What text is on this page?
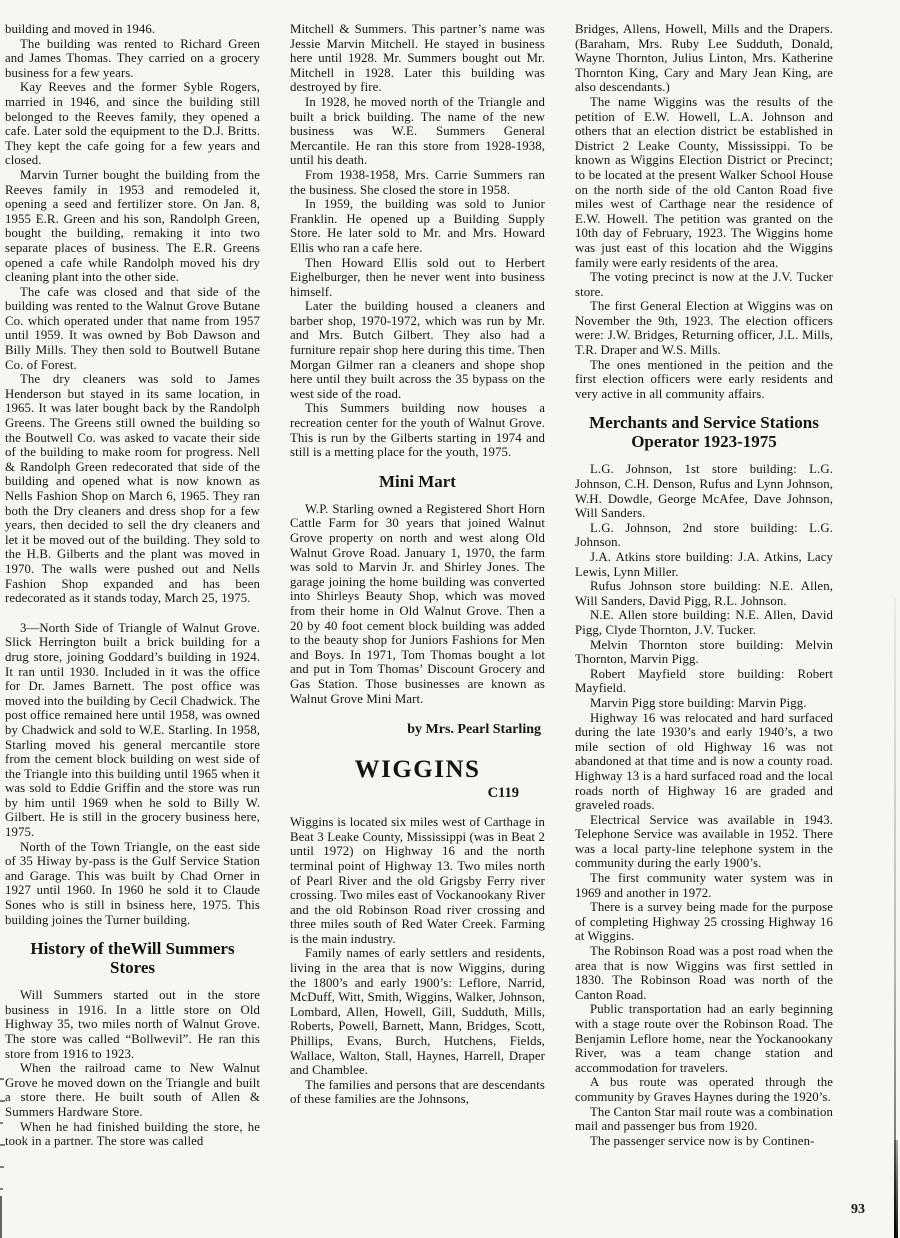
building and moved in 1946.

The building was rented to Richard Green and James Thomas. They carried on a grocery business for a few years.

Kay Reeves and the former Syble Rogers, married in 1946, and since the building still belonged to the Reeves family, they opened a cafe. Later sold the equipment to the D.J. Britts. They kept the cafe going for a few years and closed.

Marvin Turner bought the building from the Reeves family in 1953 and remodeled it, opening a seed and fertilizer store. On Jan. 8, 1955 E.R. Green and his son, Randolph Green, bought the building, remaking it into two separate places of business. The E.R. Greens opened a cafe while Randolph moved his dry cleaning plant into the other side.

The cafe was closed and that side of the building was rented to the Walnut Grove Butane Co. which operated under that name from 1957 until 1959. It was owned by Bob Dawson and Billy Mills. They then sold to Boutwell Butane Co. of Forest.

The dry cleaners was sold to James Henderson but stayed in its same location, in 1965. It was later bought back by the Randolph Greens. The Greens still owned the building so the Boutwell Co. was asked to vacate their side of the building to make room for progress. Nell & Randolph Green redecorated that side of the building and opened what is now known as Nells Fashion Shop on March 6, 1965. They ran both the Dry cleaners and dress shop for a few years, then decided to sell the dry cleaners and let it be moved out of the building. They sold to the H.B. Gilberts and the plant was moved in 1970. The walls were pushed out and Nells Fashion Shop expanded and has been redecorated as it stands today, March 25, 1975.

3—North Side of Triangle of Walnut Grove. Slick Herrington built a brick building for a drug store, joining Goddard’s building in 1924. It ran until 1930. Included in it was the office for Dr. James Barnett. The post office was moved into the building by Cecil Chadwick. The post office remained here until 1958, was owned by Chadwick and sold to W.E. Starling. In 1958, Starling moved his general mercantile store from the cement block building on west side of the Triangle into this building until 1965 when it was sold to Eddie Griffin and the store was run by him until 1969 when he sold to Billy W. Gilbert. He is still in the grocery business here, 1975.

North of the Town Triangle, on the east side of 35 Hiway by-pass is the Gulf Service Station and Garage. This was built by Chad Orner in 1927 until 1960. In 1960 he sold it to Claude Sones who is still in bsiness here, 1975. This building joines the Turner building.

History of theWill Summers
Stores

Will Summers started out in the store business in 1916. In a little store on Old Highway 35, two miles north of Walnut Grove. The store was called “Bollwevil”. He ran this store from 1916 to 1923.

When the railroad came to New Walnut Grove he moved down on the Triangle and built a store there. He built south of Allen & Summers Hardware Store.

When he had finished building the store, he took in a partner. The store was called

Mitchell & Summers. This partner’s name was Jessie Marvin Mitchell. He stayed in business here until 1928. Mr. Summers bought out Mr. Mitchell in 1928. Later this building was destroyed by fire.

In 1928, he moved north of the Triangle and built a brick building. The name of the new business was W.E. Summers General Mercantile. He ran this store from 1928-1938, until his death.

From 1938-1958, Mrs. Carrie Summers ran the business. She closed the store in 1958.

In 1959, the building was sold to Junior Franklin. He opened up a Building Supply Store. He later sold to Mr. and Mrs. Howard Ellis who ran a cafe here.

Then Howard Ellis sold out to Herbert Eighelburger, then he never went into business himself.

Later the building housed a cleaners and barber shop, 1970-1972, which was run by Mr. and Mrs. Butch Gilbert. They also had a furniture repair shop here during this time. Then Morgan Gilmer ran a cleaners and shope shop here until they built across the 35 bypass on the west side of the road.

This Summers building now houses a recreation center for the youth of Walnut Grove. This is run by the Gilberts starting in 1974 and still is a metting place for the youth, 1975.

Mini Mart

W.P. Starling owned a Registered Short Horn Cattle Farm for 30 years that joined Walnut Grove property on north and west along Old Walnut Grove Road. January 1, 1970, the farm was sold to Marvin Jr. and Shirley Jones. The garage joining the home building was converted into Shirleys Beauty Shop, which was moved from their home in Old Walnut Grove. Then a 20 by 40 foot cement block building was added to the beauty shop for Juniors Fashions for Men and Boys. In 1971, Tom Thomas bought a lot and put in Tom Thomas’ Discount Grocery and Gas Station. Those businesses are known as Walnut Grove Mini Mart.

by Mrs. Pearl Starling
WIGGINS
C119

Wiggins is located six miles west of Carthage in Beat 3 Leake County, Mississippi (was in Beat 2 until 1972) on Highway 16 and the north terminal point of Highway 13. Two miles north of Pearl River and the old Grigsby Ferry river crossing. Two miles east of Vockanookany River and the old Robinson Road river crossing and three miles south of Red Water Creek. Farming is the main industry.

Family names of early settlers and residents, living in the area that is now Wiggins, during the 1800’s and early 1900’s: Leflore, Narrid, McDuff, Witt, Smith, Wiggins, Walker, Johnson, Lombard, Allen, Howell, Gill, Sudduth, Mills, Roberts, Powell, Barnett, Mann, Bridges, Scott, Phillips, Evans, Burch, Hutchens, Fields, Wallace, Walton, Stall, Haynes, Harrell, Draper and Chamblee.

The families and persons that are descendants of these families are the Johnsons,

Bridges, Allens, Howell, Mills and the Drapers. (Baraham, Mrs. Ruby Lee Sudduth, Donald, Wayne Thornton, Julius Linton, Mrs. Katherine Thornton King, Cary and Mary Jean King, are also descendants.)

The name Wiggins was the results of the petition of E.W. Howell, L.A. Johnson and others that an election district be established in District 2 Leake County, Mississippi. To be known as Wiggins Election District or Precinct; to be located at the present Walker School House on the north side of the old Canton Road five miles west of Carthage near the residence of E.W. Howell. The petition was granted on the 10th day of February, 1923. The Wiggins home was just east of this location ahd the Wiggins family were early residents of the area.

The voting precinct is now at the J.V. Tucker store.

The first General Election at Wiggins was on November the 9th, 1923. The election officers were: J.W. Bridges, Returning officer, J.L. Mills, T.R. Draper and W.S. Mills.

The ones mentioned in the peition and the first election officers were early residents and very active in all community affairs.

Merchants and Service Stations
Operator 1923-1975

L.G. Johnson, 1st store building: L.G. Johnson, C.H. Denson, Rufus and Lynn Johnson, W.H. Dowdle, George McAfee, Dave Johnson, Will Sanders.

L.G. Johnson, 2nd store building: L.G. Johnson.

J.A. Atkins store building: J.A. Atkins, Lacy Lewis, Lynn Miller.

Rufus Johnson store building: N.E. Allen, Will Sanders, David Pigg, R.L. Johnson.

N.E. Allen store building: N.E. Allen, David Pigg, Clyde Thornton, J.V. Tucker.

Melvin Thornton store building: Melvin Thornton, Marvin Pigg.

Robert Mayfield store building: Robert Mayfield.

Marvin Pigg store building: Marvin Pigg.

Highway 16 was relocated and hard surfaced during the late 1930’s and early 1940’s, a two mile section of old Highway 16 was not abandoned at that time and is now a county road. Highway 13 is a hard surfaced road and the local roads north of Highway 16 are graded and graveled roads.

Electrical Service was available in 1943. Telephone Service was available in 1952. There was a local party-line telephone system in the community during the early 1900’s.

The first community water system was in 1969 and another in 1972.

There is a survey being made for the purpose of completing Highway 25 crossing Highway 16 at Wiggins.

The Robinson Road was a post road when the area that is now Wiggins was first settled in 1830. The Robinson Road was north of the Canton Road.

Public transportation had an early beginning with a stage route over the Robinson Road. The Benjamin Leflore home, near the Yockanookany River, was a team change station and accommodation for travelers.

A bus route was operated through the community by Graves Haynes during the 1920’s.

The Canton Star mail route was a combination mail and passenger bus from 1920.

The passenger service now is by Continen-

93
